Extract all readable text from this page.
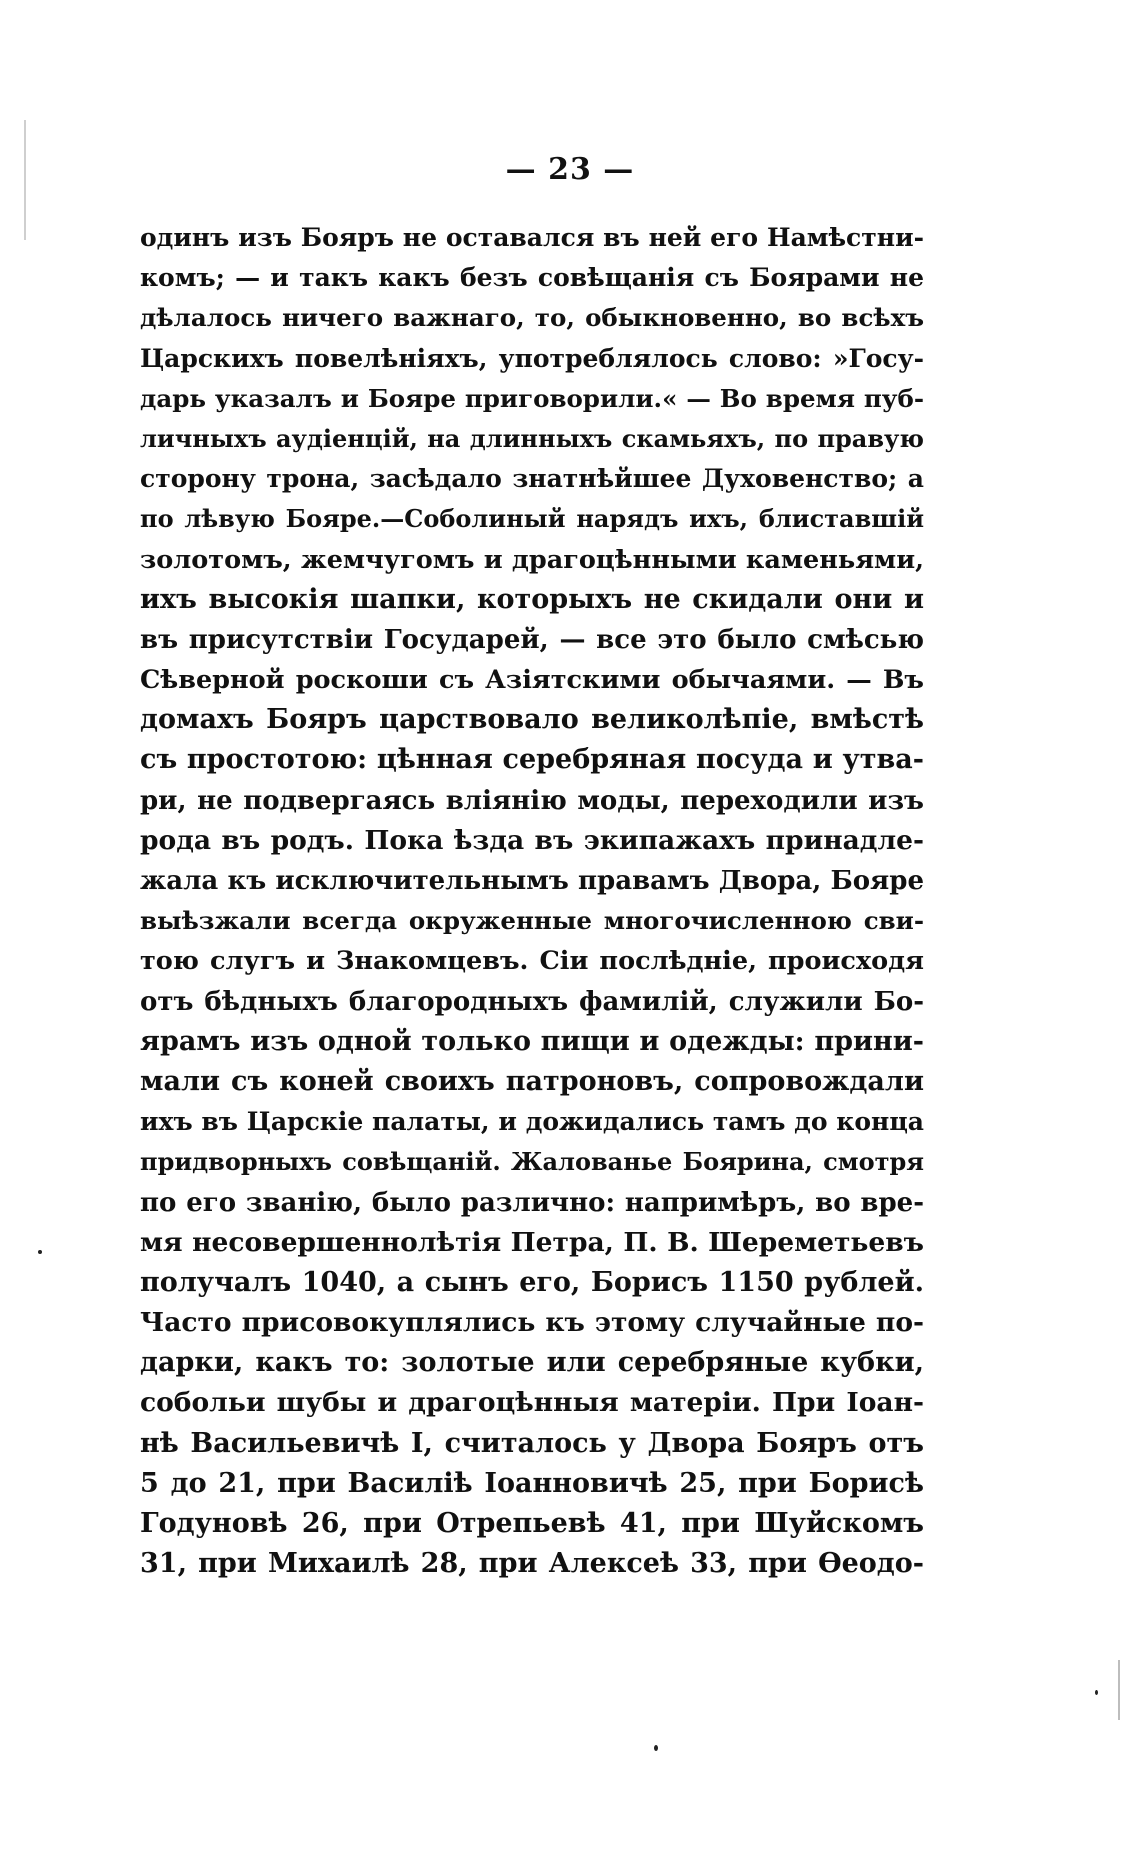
— 23 —
одинъ изъ Бояръ не оставался въ ней его Намѣстни-
комъ; — и такъ какъ безъ совѣщанія съ Боярами не
дѣлалось ничего важнаго, то, обыкновенно, во всѣхъ
Царскихъ повелѣніяхъ, употреблялось слово: »Госу-
дарь указалъ и Бояре приговорили.« — Во время пуб-
личныхъ аудіенцій, на длинныхъ скамьяхъ, по правую
сторону трона, засѣдало знатнѣйшее Духовенство; а
по лѣвую Бояре.—Соболиный нарядъ ихъ, блиставшій
золотомъ, жемчугомъ и драгоцѣнными каменьями,
ихъ высокія шапки, которыхъ не скидали они и
въ присутствіи Государей, — все это было смѣсью
Сѣверной роскоши съ Азіятскими обычаями. — Въ
домахъ Бояръ царствовало великолѣпіе, вмѣстѣ
съ простотою: цѣнная серебряная посуда и утва-
ри, не подвергаясь вліянію моды, переходили изъ
рода въ родъ. Пока ѣзда въ экипажахъ принадле-
жала къ исключительнымъ правамъ Двора, Бояре
выѣзжали всегда окруженные многочисленною сви-
тою слугъ и Знакомцевъ. Сіи послѣдніе, происходя
отъ бѣдныхъ благородныхъ фамилій, служили Бо-
ярамъ изъ одной только пищи и одежды: прини-
мали съ коней своихъ патроновъ, сопровождали
ихъ въ Царскіе палаты, и дожидались тамъ до конца
придворныхъ совѣщаній. Жалованье Боярина, смотря
по его званію, было различно: напримѣръ, во вре-
мя несовершеннолѣтія Петра, П. В. Шереметьевъ
получалъ 1040, а сынъ его, Борисъ 1150 рублей.
Часто присовокуплялись къ этому случайные по-
дарки, какъ то: золотые или серебряные кубки,
собольи шубы и драгоцѣнныя матеріи. При Іоан-
нѣ Васильевичѣ I, считалось у Двора Бояръ отъ
5 до 21, при Василіѣ Іоанновичѣ 25, при Борисѣ
Годуновѣ 26, при Отрепьевѣ 41, при Шуйскомъ
31, при Михаилѣ 28, при Алексеѣ 33, при Ѳеодо-
